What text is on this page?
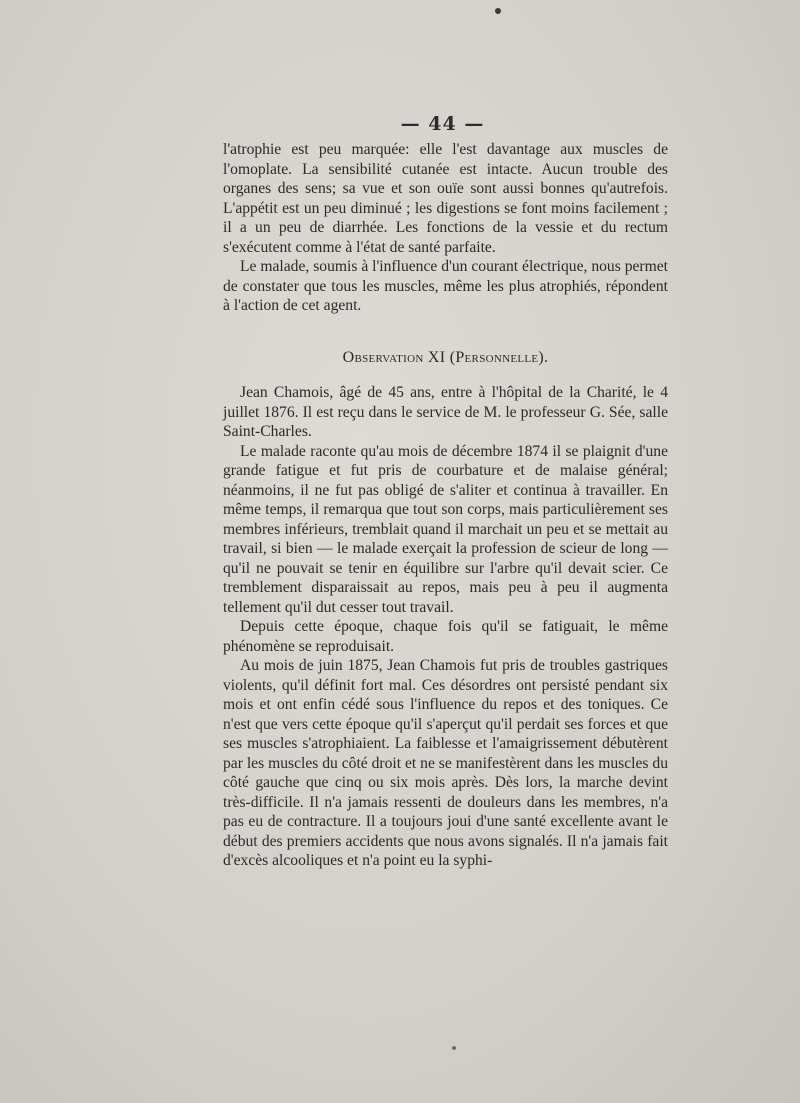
— 44 —

l'atrophie est peu marquée: elle l'est davantage aux muscles de l'omoplate. La sensibilité cutanée est intacte. Aucun trouble des organes des sens; sa vue et son ouïe sont aussi bonnes qu'autrefois. L'appétit est un peu diminué ; les digestions se font moins facilement ; il a un peu de diarrhée. Les fonctions de la vessie et du rectum s'exécutent comme à l'état de santé parfaite.

Le malade, soumis à l'influence d'un courant électrique, nous permet de constater que tous les muscles, même les plus atrophiés, répondent à l'action de cet agent.

Observation XI (Personnelle).

Jean Chamois, âgé de 45 ans, entre à l'hôpital de la Charité, le 4 juillet 1876. Il est reçu dans le service de M. le professeur G. Sée, salle Saint-Charles.

Le malade raconte qu'au mois de décembre 1874 il se plaignit d'une grande fatigue et fut pris de courbature et de malaise général; néanmoins, il ne fut pas obligé de s'aliter et continua à travailler. En même temps, il remarqua que tout son corps, mais particulièrement ses membres inférieurs, tremblait quand il marchait un peu et se mettait au travail, si bien — le malade exerçait la profession de scieur de long — qu'il ne pouvait se tenir en équilibre sur l'arbre qu'il devait scier. Ce tremblement disparaissait au repos, mais peu à peu il augmenta tellement qu'il dut cesser tout travail.

Depuis cette époque, chaque fois qu'il se fatiguait, le même phénomène se reproduisait.

Au mois de juin 1875, Jean Chamois fut pris de troubles gastriques violents, qu'il définit fort mal. Ces désordres ont persisté pendant six mois et ont enfin cédé sous l'influence du repos et des toniques. Ce n'est que vers cette époque qu'il s'aperçut qu'il perdait ses forces et que ses muscles s'atrophiaient. La faiblesse et l'amaigrissement débutèrent par les muscles du côté droit et ne se manifestèrent dans les muscles du côté gauche que cinq ou six mois après. Dès lors, la marche devint très-difficile. Il n'a jamais ressenti de douleurs dans les membres, n'a pas eu de contracture. Il a toujours joui d'une santé excellente avant le début des premiers accidents que nous avons signalés. Il n'a jamais fait d'excès alcooliques et n'a point eu la syphi-
